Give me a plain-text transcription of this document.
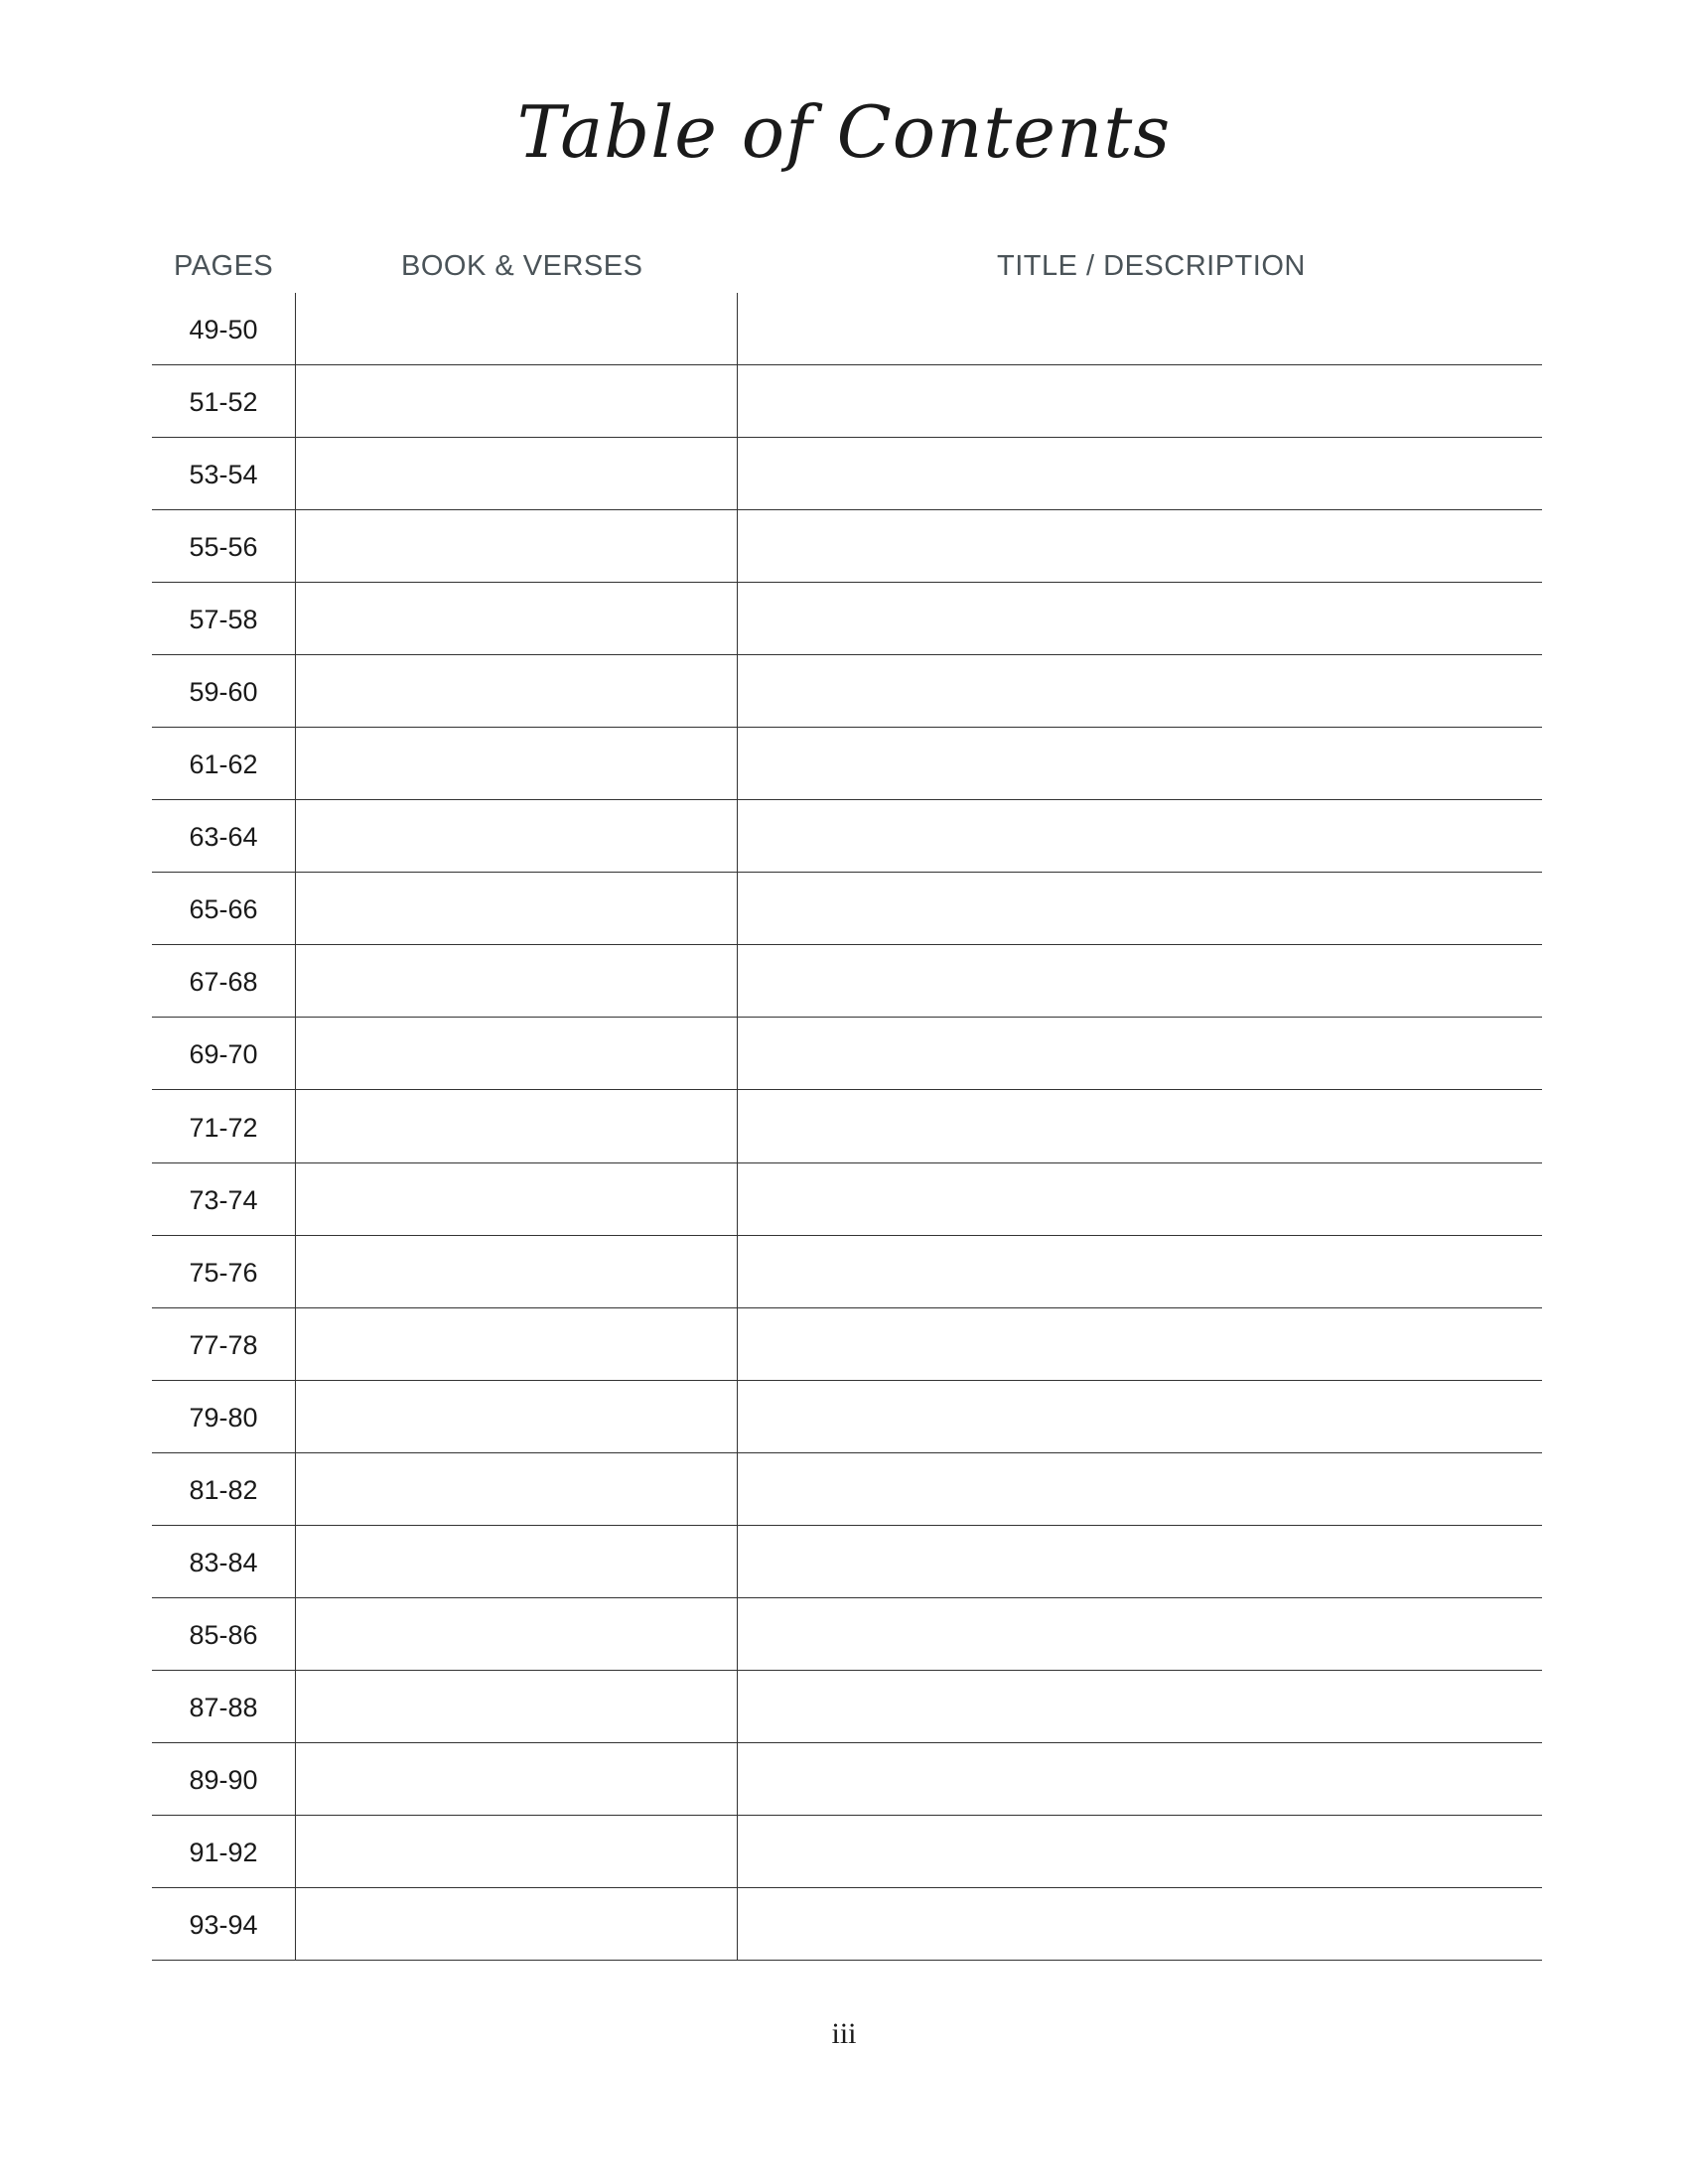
Table of Contents
PAGES	BOOK & VERSES	TITLE / DESCRIPTION
49-50
51-52
53-54
55-56
57-58
59-60
61-62
63-64
65-66
67-68
69-70
71-72
73-74
75-76
77-78
79-80
81-82
83-84
85-86
87-88
89-90
91-92
93-94
iii
